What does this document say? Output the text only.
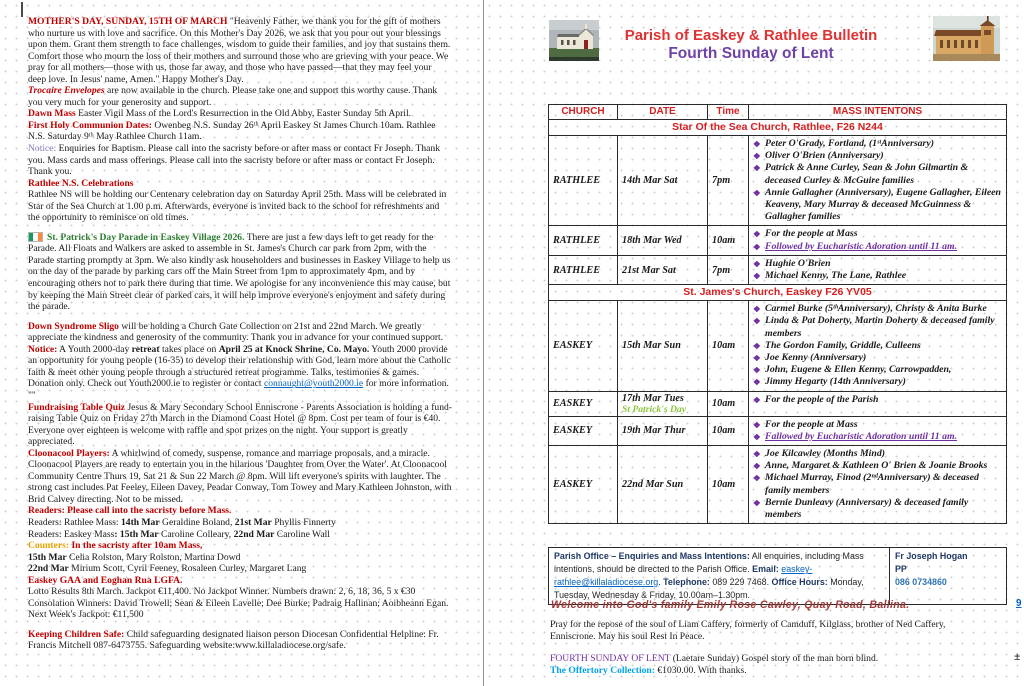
MOTHER'S DAY, SUNDAY, 15TH OF MARCH "Heavenly Father, we thank you for the gift of mothers who nurture us with love and sacrifice. On this Mother's Day 2026, we ask that you pour out your blessings upon them. Grant them strength to face challenges, wisdom to guide their families, and joy that sustains them. Comfort those who mourn the loss of their mothers and surround those who are grieving with your peace. We pray for all mothers—those with us, those far away, and those who have passed—that they may feel your deep love. In Jesus' name, Amen." Happy Mother's Day.

Trocaire Envelopes are now available in the church. Please take one and support this worthy cause. Thank you very much for your generosity and support.

Dawn Mass Easter Vigil Mass of the Lord's Resurrection in the Old Abby, Easter Sunday 5th April.

First Holy Communion Dates: Owenbeg N.S. Sunday 26ᵗʰ April Easkey St James Church 10am. Rathlee N.S. Saturday 9ᵗʰ May Rathlee Church 11am.

Notice: Enquiries for Baptism. Please call into the sacristy before or after mass or contact Fr Joseph. Thank you. Mass cards and mass offerings. Please call into the sacristy before or after mass or contact Fr Joseph. Thank you.

Rathlee N.S. Celebrations

Rathlee NS will be holding our Centenary celebration day on Saturday April 25th. Mass will be celebrated in Star of the Sea Church at 1.00 p.m. Afterwards, everyone is invited back to the school for refreshments and the opportunity to reminisce on old times.

St. Patrick's Day Parade in Easkey Village 2026. There are just a few days left to get ready for the Parade. All Floats and Walkers are asked to assemble in St. James's Church car park from 2pm, with the Parade starting promptly at 3pm. We also kindly ask householders and businesses in Easkey Village to help us on the day of the parade by parking cars off the Main Street from 1pm to approximately 4pm, and by encouraging others not to park there during that time. We apologise for any inconvenience this may cause, but by keeping the Main Street clear of parked cars, it will help improve everyone's enjoyment and safety during the parade.

Down Syndrome Sligo will be holding a Church Gate Collection on 21st and 22nd March. We greatly appreciate the kindness and generosity of the community. Thank you in advance for your continued support.

Notice: A Youth 2000-day retreat takes place on April 25 at Knock Shrine, Co. Mayo. Youth 2000 provide an opportunity for young people (16-35) to develop their relationship with God, learn more about the Catholic faith & meet other young people through a structured retreat programme. Talks, testimonies & games. Donation only. Check out Youth2000.ie to register or contact connaught@youth2000.ie for more information. ""

Fundraising Table Quiz Jesus & Mary Secondary School Enniscrone - Parents Association is holding a fund-raising Table Quiz on Friday 27th March in the Diamond Coast Hotel @ 8pm. Cost per team of four is €40. Everyone over eighteen is welcome with raffle and spot prizes on the night. Your support is greatly appreciated.

Cloonacool Players: A whirlwind of comedy, suspense, romance and marriage proposals, and a miracle. Cloonacool Players are ready to entertain you in the hilarious 'Daughter from Over the Water'. At Cloonacool Community Centre Thurs 19, Sat 21 & Sun 22 March @ 8pm. Will lift everyone's spirits with laughter. The strong cast includes Pat Feeley, Eileen Davey, Peadar Conway, Tom Towey and Mary Kathleen Johnston, with Brid Calvey directing. Not to be missed.

Readers: Please call into the sacristy before Mass.

Readers: Rathlee Mass: 14th Mar Geraldine Boland, 21st Mar Phyllis Finnerty

Readers: Easkey Mass: 15th Mar Caroline Colleary, 22nd Mar Caroline Wall

Counters: In the sacristy after 10am Mass,

15th Mar Celia Rolston, Mary Rolston, Martina Dowd

22nd Mar Mirium Scott, Cyril Feeney, Rosaleen Curley, Margaret Lang

Easkey GAA and Eoghan Rua LGFA.

Lotto Results 8th March. Jackpot €11,400. No Jackpot Winner. Numbers drawn: 2, 6, 18, 36, 5 x €30 Consolation Winners: David Trowell; Sean & Eileen Lavelle; Dee Burke; Padraig Hallinan; Aoibheann Egan. Next Week's Jackpot: €11,500

Keeping Children Safe: Child safeguarding designated liaison person Diocesan Confidential Helpline: Fr. Francis Mitchell 087-6473755. Safeguarding website:www.killaladiocese.org/safe.

Parish of Easkey & Rathlee Bulletin
Fourth Sunday of Lent
CHURCH	DATE	Time	MASS INTENTONS
Star Of the Sea Church, Rathlee, F26 N244
RATHLEE	14th Mar Sat	7pm
❖ Peter O'Grady, Fortland, (1ˢᵗAnniversary)
❖ Oliver O'Brien (Anniversary)
❖ Patrick & Anne Curley, Sean & John Gilmartin & deceased Curley & McGuire families
❖ Annie Gallagher (Anniversary), Eugene Gallagher, Eileen Keaveny, Mary Murray & deceased McGuinness & Gallagher families
RATHLEE	18th Mar Wed	10am
❖ For the people at Mass
❖ Followed by Eucharistic Adoration until 11 am.
RATHLEE	21st Mar Sat	7pm
❖ Hughie O'Brien
❖ Michael Kenny, The Lane, Rathlee
St. James's Church, Easkey F26 YV05
EASKEY	15th Mar Sun	10am
❖ Carmel Burke (5ᵗʰAnniversary), Christy & Anita Burke
❖ Linda & Pat Doherty, Martin Doherty & deceased family members
❖ The Gordon Family, Griddle, Culleens
❖ Joe Kenny (Anniversary)
❖ John, Eugene & Ellen Kenny, Carrowpadden,
❖ Jimmy Hegarty (14th Anniversary)
EASKEY	17th Mar Tues
St Patrick's Day	10am	❖ For the people of the Parish
EASKEY	19th Mar Thur	10am
❖ For the people at Mass
❖ Fallowed by Eucharistic Adoration until 11 am.
EASKEY	22nd Mar Sun	10am
❖ Joe Kilcawley (Months Mind)
❖ Anne, Margaret & Kathleen O' Brien & Joanie Brooks
❖ Michael Murray, Finod (2ⁿᵈAnniversary) & deceased family members
❖ Bernie Dunleavy (Anniversary) & deceased family members
Parish Office – Enquiries and Mass Intentions: All enquiries, including Mass intentions, should be directed to the Parish Office. Email: easkey-rathlee@killaladiocese.org. Telephone: 089 229 7468. Office Hours: Monday, Tuesday, Wednesday & Friday, 10.00am–1.30pm.
Fr Joseph Hogan
PP
086 0734860
Welcome into God's family Emily Rose Cawley, Quay Road, Ballina.

Pray for the repose of the soul of Liam Caffery, formerly of Camduff, Kilglass, brother of Ned Caffery, Enniscrone. May his soul Rest In Peace.

FOURTH SUNDAY OF LENT (Laetare Sunday) Gospel story of the man born blind.
The Offertory Collection: €1030.00. With thanks.
9
±
